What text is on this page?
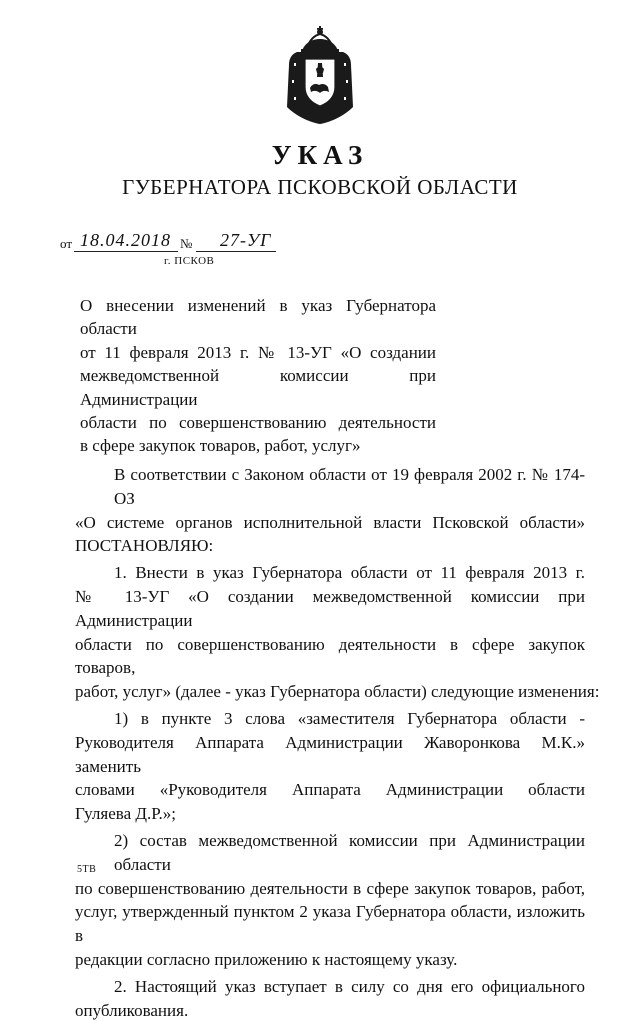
УКАЗ
ГУБЕРНАТОРА ПСКОВСКОЙ ОБЛАСТИ
от 18.04.2018 № 27-УГ
г. ПСКОВ
О внесении изменений в указ Губернатора области
от 11 февраля 2013 г. № 13-УГ «О создании
межведомственной комиссии при Администрации
области по совершенствованию деятельности
в сфере закупок товаров, работ, услуг»
В соответствии с Законом области от 19 февраля 2002 г. № 174-ОЗ
«О системе органов исполнительной власти Псковской области»
ПОСТАНОВЛЯЮ:
1. Внести в указ Губернатора области от 11 февраля 2013 г.
№ 13-УГ «О создании межведомственной комиссии при Администрации
области по совершенствованию деятельности в сфере закупок товаров,
работ, услуг» (далее - указ Губернатора области) следующие изменения:
1) в пункте 3 слова «заместителя Губернатора области -
Руководителя Аппарата Администрации Жаворонкова М.К.» заменить
словами «Руководителя Аппарата Администрации области
Гуляева Д.Р.»;
2) состав межведомственной комиссии при Администрации области
по совершенствованию деятельности в сфере закупок товаров, работ,
услуг, утвержденный пунктом 2 указа Губернатора области, изложить в
редакции согласно приложению к настоящему указу.
2. Настоящий указ вступает в силу со дня его официального
опубликования.
5ТВ
